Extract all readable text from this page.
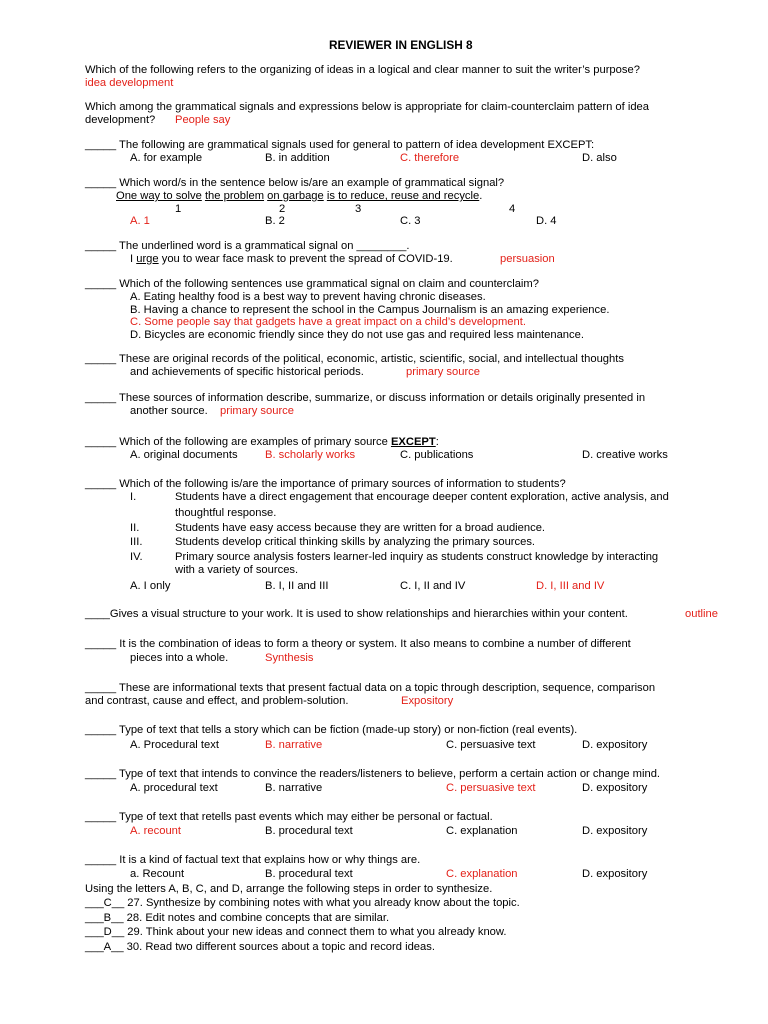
REVIEWER IN ENGLISH 8
Which of the following refers to the organizing of ideas in a logical and clear manner to suit the writer’s purpose?
idea development
Which among the grammatical signals and expressions below is appropriate for claim-counterclaim pattern of idea
development? People say
_____ The following are grammatical signals used for general to pattern of idea development EXCEPT:
A. for example	B. in addition	C. therefore	D. also
_____ Which word/s in the sentence below is/are an example of grammatical signal?
One way to solve the problem on garbage is to reduce, reuse and recycle.
1	2	3	4
A. 1	B. 2	C. 3	D. 4
_____ The underlined word is a grammatical signal on ________.
I urge you to wear face mask to prevent the spread of COVID-19.	persuasion
_____ Which of the following sentences use grammatical signal on claim and counterclaim?
A. Eating healthy food is a best way to prevent having chronic diseases.
B. Having a chance to represent the school in the Campus Journalism is an amazing experience.
C. Some people say that gadgets have a great impact on a child’s development.
D. Bicycles are economic friendly since they do not use gas and required less maintenance.
_____ These are original records of the political, economic, artistic, scientific, social, and intellectual thoughts
and achievements of specific historical periods.	primary source
_____ These sources of information describe, summarize, or discuss information or details originally presented in
another source. primary source
_____ Which of the following are examples of primary source EXCEPT:
A. original documents B. scholarly works	C. publications	D. creative works
_____ Which of the following is/are the importance of primary sources of information to students?
I.	Students have a direct engagement that encourage deeper content exploration, active analysis, and
thoughtful response.
II.	Students have easy access because they are written for a broad audience.
III.	Students develop critical thinking skills by analyzing the primary sources.
IV.	Primary source analysis fosters learner-led inquiry as students construct knowledge by interacting
with a variety of sources.
A. I only	B. I, II and III	C. I, II and IV	D. I, III and IV
____Gives a visual structure to your work. It is used to show relationships and hierarchies within your content.	outline
_____ It is the combination of ideas to form a theory or system. It also means to combine a number of different
pieces into a whole.	Synthesis
_____ These are informational texts that present factual data on a topic through description, sequence, comparison
and contrast, cause and effect, and problem-solution.	Expository
_____ Type of text that tells a story which can be fiction (made-up story) or non-fiction (real events).
A. Procedural text	B. narrative	C. persuasive text	D. expository
_____ Type of text that intends to convince the readers/listeners to believe, perform a certain action or change mind.
A. procedural text	B. narrative	C. persuasive text	D. expository
_____ Type of text that retells past events which may either be personal or factual.
A. recount	B. procedural text	C. explanation	D. expository
_____ It is a kind of factual text that explains how or why things are.
a. Recount	B. procedural text	C. explanation	D. expository
Using the letters A, B, C, and D, arrange the following steps in order to synthesize.
___C__ 27. Synthesize by combining notes with what you already know about the topic.
___B__ 28. Edit notes and combine concepts that are similar.
___D__ 29. Think about your new ideas and connect them to what you already know.
___A__ 30. Read two different sources about a topic and record ideas.
